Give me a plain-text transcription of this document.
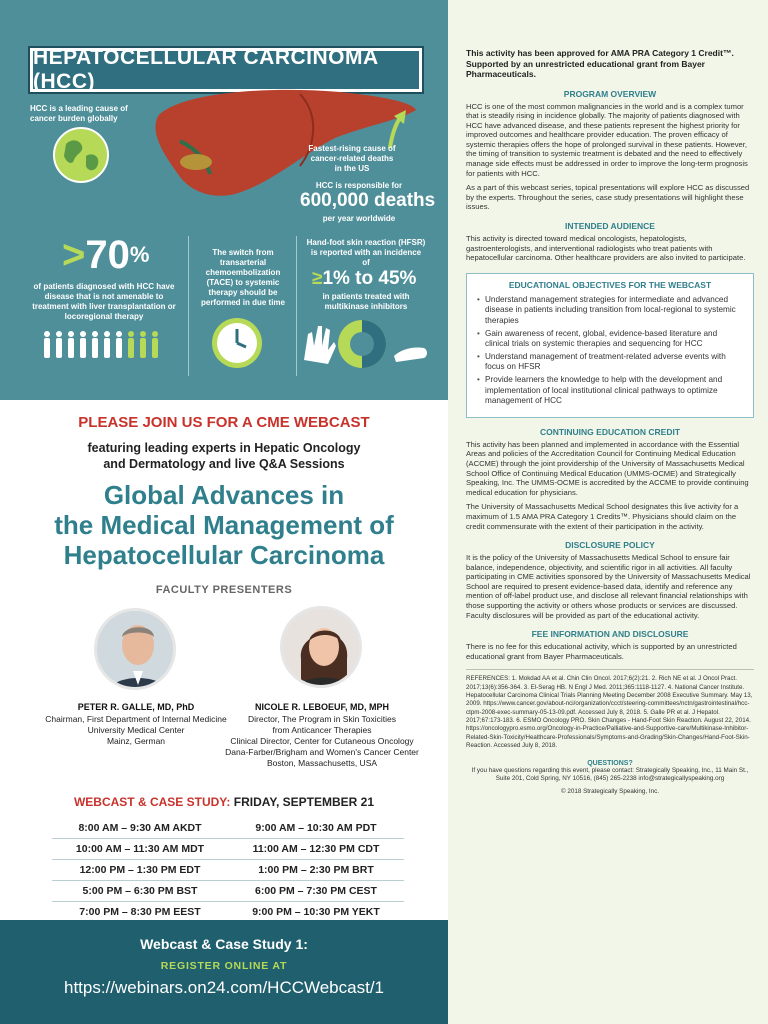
HEPATOCELLULAR CARCINOMA (HCC)
HCC is a leading cause of cancer burden globally
Fastest-rising cause of cancer-related deaths in the US
HCC is responsible for
600,000 deaths
per year worldwide
>70%
of patients diagnosed with HCC have disease that is not amenable to treatment with liver transplantation or locoregional therapy
The switch from transarterial chemoembolization (TACE) to systemic therapy should be performed in due time
Hand-foot skin reaction (HFSR) is reported with an incidence of
≥1% to 45%
in patients treated with multikinase inhibitors
PLEASE JOIN US FOR A CME WEBCAST
featuring leading experts in Hepatic Oncology
and Dermatology and live Q&A Sessions
Global Advances in
the Medical Management of
Hepatocellular Carcinoma
FACULTY PRESENTERS
PETER R. GALLE, MD, PhD
Chairman, First Department of Internal Medicine
University Medical Center
Mainz, German
NICOLE R. LEBOEUF, MD, MPH
Director, The Program in Skin Toxicities
from Anticancer Therapies
Clinical Director, Center for Cutaneous Oncology
Dana-Farber/Brigham and Women's Cancer Center
Boston, Massachusetts, USA
WEBCAST & CASE STUDY: FRIDAY, SEPTEMBER 21
8:00 AM – 9:30 AM AKDT	9:00 AM – 10:30 AM PDT
10:00 AM – 11:30 AM MDT	11:00 AM – 12:30 PM CDT
12:00 PM – 1:30 PM EDT	1:00 PM – 2:30 PM BRT
5:00 PM – 6:30 PM BST	6:00 PM – 7:30 PM CEST
7:00 PM – 8:30 PM EEST	9:00 PM – 10:30 PM YEKT
Webcast & Case Study 1:
REGISTER ONLINE AT
https://webinars.on24.com/HCCWebcast/1
This activity has been approved for AMA PRA Category 1 Credit™. Supported by an unrestricted educational grant from Bayer Pharmaceuticals.
PROGRAM OVERVIEW
HCC is one of the most common malignancies in the world and is a complex tumor that is steadily rising in incidence globally. The majority of patients diagnosed with HCC have advanced disease, and these patients represent the highest priority for improved outcomes and healthcare provider education. The proven efficacy of systemic therapies offers the hope of prolonged survival in these patients. However, the timing of transition to systemic treatment is debated and the need to effectively manage side effects must be addressed in order to improve the long-term prognosis for patients with HCC.
As a part of this webcast series, topical presentations will explore HCC as discussed by the experts. Throughout the series, case study presentations will highlight these issues.
INTENDED AUDIENCE
This activity is directed toward medical oncologists, hepatologists, gastroenterologists, and interventional radiologists who treat patients with hepatocellular carcinoma. Other healthcare providers are also invited to participate.
EDUCATIONAL OBJECTIVES FOR THE WEBCAST
• Understand management strategies for intermediate and advanced disease in patients including transition from local-regional to systemic therapies
• Gain awareness of recent, global, evidence-based literature and clinical trials on systemic therapies and sequencing for HCC
• Understand management of treatment-related adverse events with focus on HFSR
• Provide learners the knowledge to help with the development and implementation of local institutional clinical pathways to optimize management of HCC
CONTINUING EDUCATION CREDIT
This activity has been planned and implemented in accordance with the Essential Areas and policies of the Accreditation Council for Continuing Medical Education (ACCME) through the joint providership of the University of Massachusetts Medical School Office of Continuing Medical Education (UMMS-OCME) and Strategically Speaking, Inc. The UMMS-OCME is accredited by the ACCME to provide continuing medical education for physicians.
The University of Massachusetts Medical School designates this live activity for a maximum of 1.5 AMA PRA Category 1 Credits™. Physicians should claim on the credit commensurate with the extent of their participation in the activity.
DISCLOSURE POLICY
It is the policy of the University of Massachusetts Medical School to ensure fair balance, independence, objectivity, and scientific rigor in all activities. All faculty participating in CME activities sponsored by the University of Massachusetts Medical School are required to present evidence-based data, identify and reference any mention of off-label product use, and disclose all relevant financial relationships with those supporting the activity or others whose products or services are discussed. Faculty disclosures will be provided as part of the educational activity.
FEE INFORMATION AND DISCLOSURE
There is no fee for this educational activity, which is supported by an unrestricted educational grant from Bayer Pharmaceuticals.
REFERENCES: 1. Mokdad AA et al. Chin Clin Oncol. 2017;6(2):21. 2. Rich NE et al. J Oncol Pract. 2017;13(6):356-364. 3. El-Serag HB. N Engl J Med. 2011;365:1118-1127. 4. National Cancer Institute. Hepatocellular Carcinoma Clinical Trials Planning Meeting December 2008 Executive Summary. May 13, 2009. https://www.cancer.gov/about-nci/organization/ccct/steering-committees/nctn/gastrointestinal/hcc-ctpm-2008-exec-summary-05-13-09.pdf. Accessed July 8, 2018. 5. Galle PR et al. J Hepatol. 2017;67:173-183. 6. ESMO Oncology PRO. Skin Changes - Hand-Foot Skin Reaction. August 22, 2014. https://oncologypro.esmo.org/Oncology-in-Practice/Palliative-and-Supportive-care/Multikinase-Inhibitor-Related-Skin-Toxicity/Healthcare-Professionals/Symptoms-and-Grading/Skin-Changes/Hand-Foot-Skin-Reaction. Accessed July 8, 2018.
QUESTIONS?
If you have questions regarding this event, please contact: Strategically Speaking, Inc., 11 Main St., Suite 201, Cold Spring, NY 10516, (845) 265-2238 info@strategicallyspeaking.org
© 2018 Strategically Speaking, Inc.
